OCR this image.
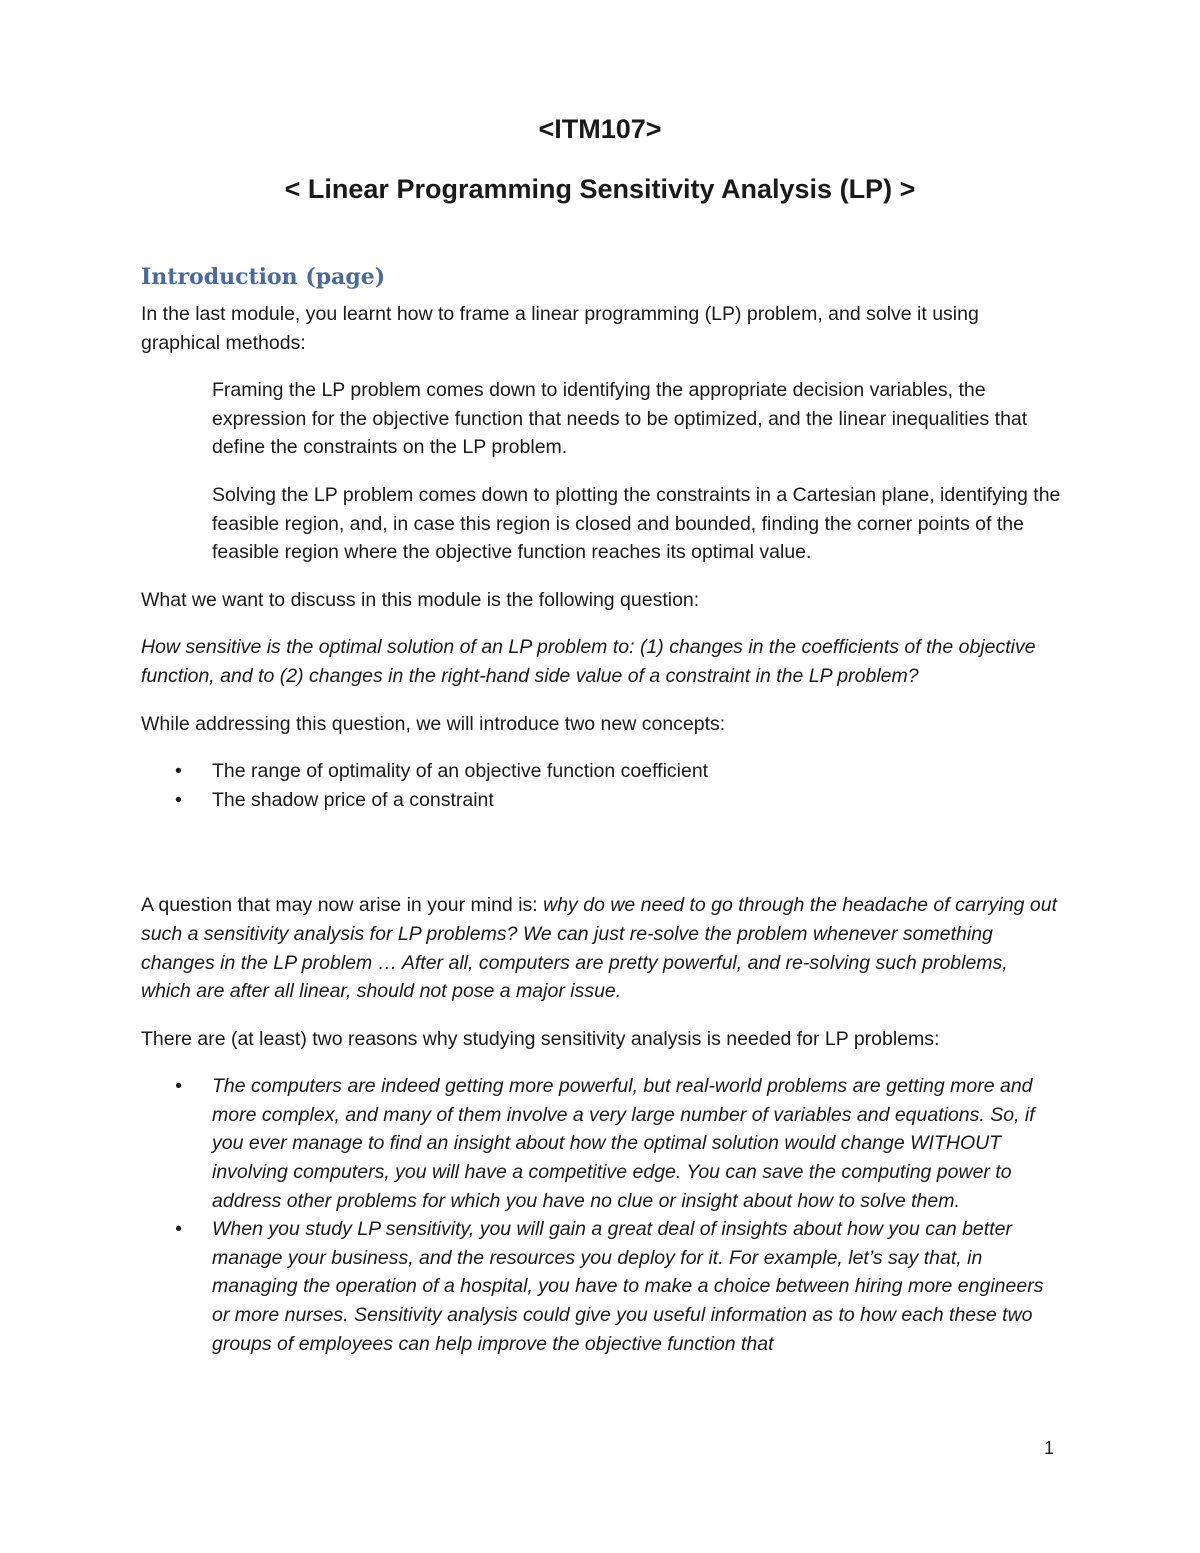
<ITM107>
< Linear Programming Sensitivity Analysis (LP) >
Introduction (page)

In the last module, you learnt how to frame a linear programming (LP) problem, and solve it using graphical methods:

Framing the LP problem comes down to identifying the appropriate decision variables, the expression for the objective function that needs to be optimized, and the linear inequalities that define the constraints on the LP problem.

Solving the LP problem comes down to plotting the constraints in a Cartesian plane, identifying the feasible region, and, in case this region is closed and bounded, finding the corner points of the feasible region where the objective function reaches its optimal value.

What we want to discuss in this module is the following question:

How sensitive is the optimal solution of an LP problem to: (1) changes in the coefficients of the objective function, and to (2) changes in the right-hand side value of a constraint in the LP problem?

While addressing this question, we will introduce two new concepts:

• The range of optimality of an objective function coefficient
• The shadow price of a constraint

A question that may now arise in your mind is: why do we need to go through the headache of carrying out such a sensitivity analysis for LP problems? We can just re-solve the problem whenever something changes in the LP problem … After all, computers are pretty powerful, and re-solving such problems, which are after all linear, should not pose a major issue.

There are (at least) two reasons why studying sensitivity analysis is needed for LP problems:

• The computers are indeed getting more powerful, but real-world problems are getting more and more complex, and many of them involve a very large number of variables and equations. So, if you ever manage to find an insight about how the optimal solution would change WITHOUT involving computers, you will have a competitive edge. You can save the computing power to address other problems for which you have no clue or insight about how to solve them.
• When you study LP sensitivity, you will gain a great deal of insights about how you can better manage your business, and the resources you deploy for it. For example, let’s say that, in managing the operation of a hospital, you have to make a choice between hiring more engineers or more nurses. Sensitivity analysis could give you useful information as to how each these two groups of employees can help improve the objective function that

1
